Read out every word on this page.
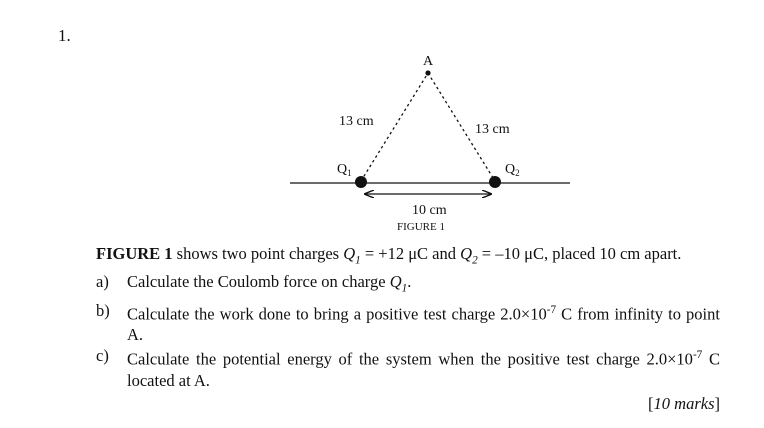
1.
A
13 cm
13 cm
$Q_1$	$Q_2$
10 cm
FIGURE 1
FIGURE 1 shows two point charges $Q_1 = +12$ μC and $Q_2 = -10$ μC, placed 10 cm apart.
a) Calculate the Coulomb force on charge $Q_1$.
b) Calculate the work done to bring a positive test charge $2.0\times 10^{-7}$ C from infinity to point A.
c) Calculate the potential energy of the system when the positive test charge $2.0\times 10^{-7}$ C located at A.
[10 marks]
